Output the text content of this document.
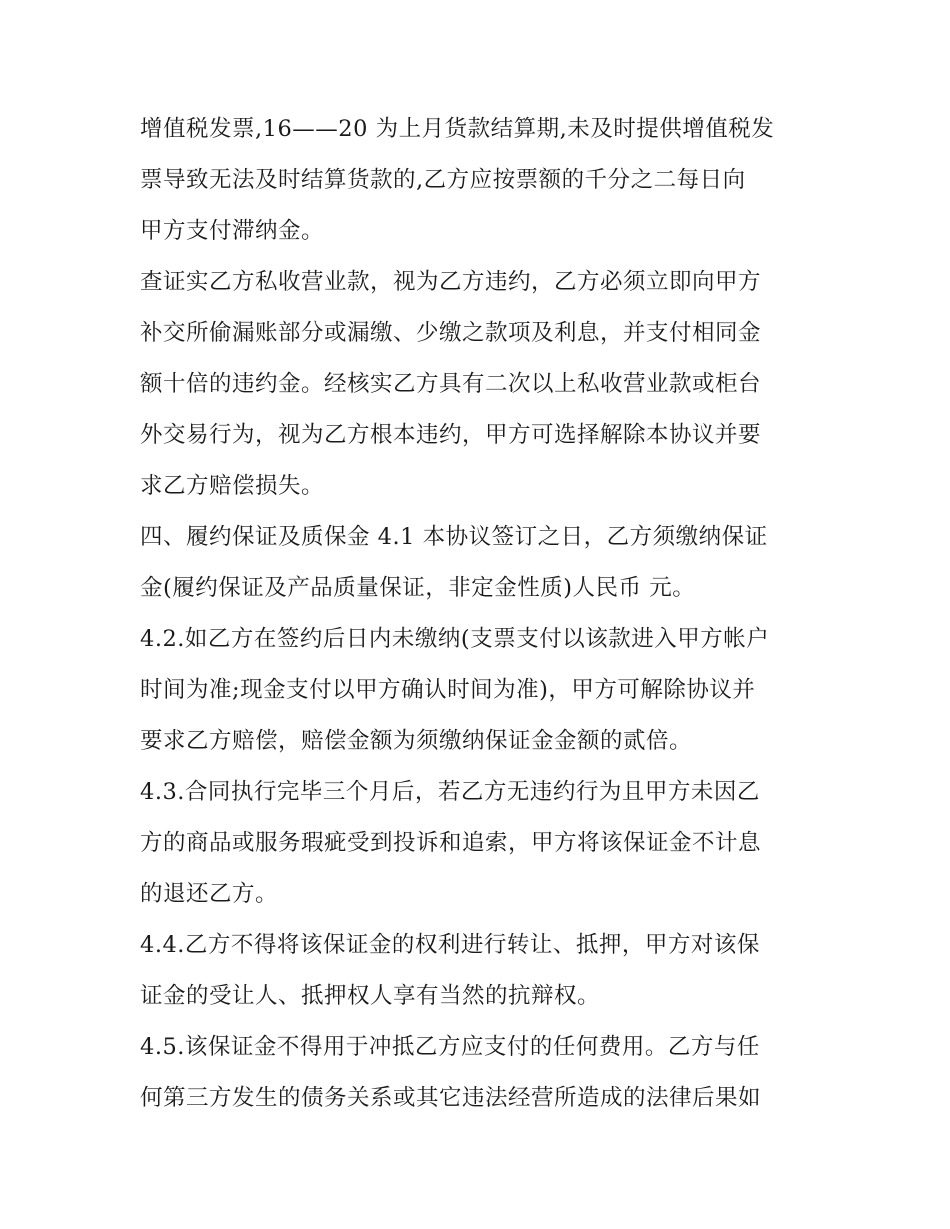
增值税发票,16——20 为上月货款结算期,未及时提供增值税发
票导致无法及时结算货款的,乙方应按票额的千分之二每日向
甲方支付滞纳金。
查证实乙方私收营业款，视为乙方违约，乙方必须立即向甲方
补交所偷漏账部分或漏缴、少缴之款项及利息，并支付相同金
额十倍的违约金。经核实乙方具有二次以上私收营业款或柜台
外交易行为，视为乙方根本违约，甲方可选择解除本协议并要
求乙方赔偿损失。
四、履约保证及质保金 4.1 本协议签订之日，乙方须缴纳保证
金(履约保证及产品质量保证，非定金性质)人民币 元。
4.2.如乙方在签约后日内未缴纳(支票支付以该款进入甲方帐户
时间为准;现金支付以甲方确认时间为准)，甲方可解除协议并
要求乙方赔偿，赔偿金额为须缴纳保证金金额的贰倍。
4.3.合同执行完毕三个月后，若乙方无违约行为且甲方未因乙
方的商品或服务瑕疵受到投诉和追索，甲方将该保证金不计息
的退还乙方。
4.4.乙方不得将该保证金的权利进行转让、抵押，甲方对该保
证金的受让人、抵押权人享有当然的抗辩权。
4.5.该保证金不得用于冲抵乙方应支付的任何费用。乙方与任
何第三方发生的债务关系或其它违法经营所造成的法律后果如
